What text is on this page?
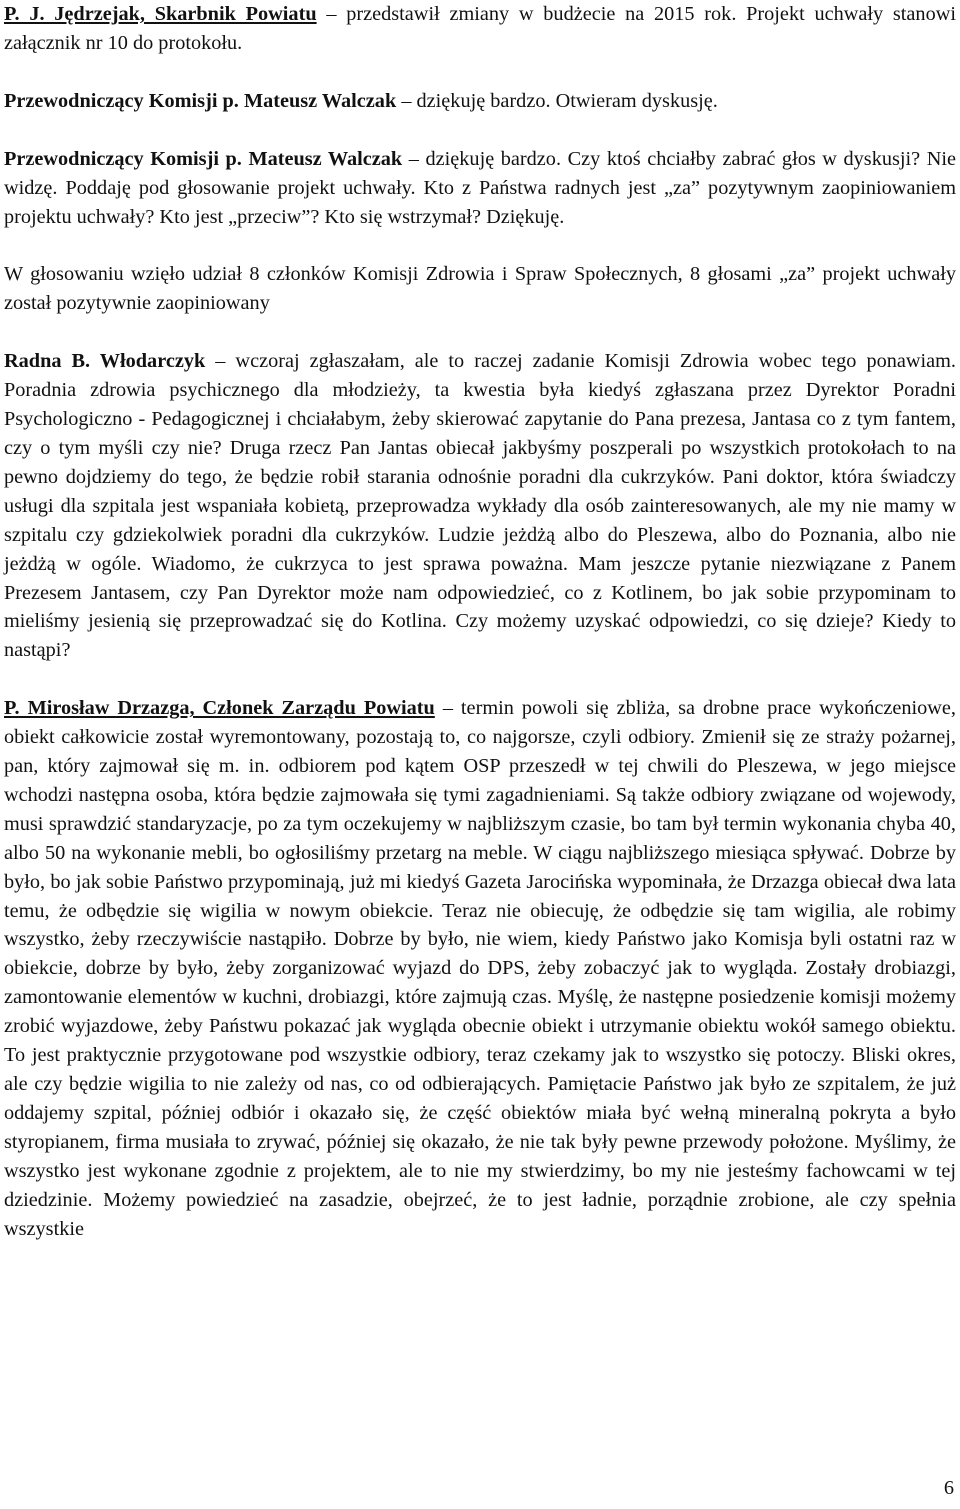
P. J. Jędrzejak, Skarbnik Powiatu – przedstawił zmiany w budżecie na 2015 rok. Projekt uchwały stanowi załącznik nr 10 do protokołu.

Przewodniczący Komisji p. Mateusz Walczak – dziękuję bardzo. Otwieram dyskusję.

Przewodniczący Komisji p. Mateusz Walczak – dziękuję bardzo. Czy ktoś chciałby zabrać głos w dyskusji? Nie widzę. Poddaję pod głosowanie projekt uchwały. Kto z Państwa radnych jest „za” pozytywnym zaopiniowaniem projektu uchwały? Kto jest „przeciw”? Kto się wstrzymał? Dziękuję.

W głosowaniu wzięło udział 8 członków Komisji Zdrowia i Spraw Społecznych, 8 głosami „za” projekt uchwały został pozytywnie zaopiniowany

Radna B. Włodarczyk – wczoraj zgłaszałam, ale to raczej zadanie Komisji Zdrowia wobec tego ponawiam. Poradnia zdrowia psychicznego dla młodzieży, ta kwestia była kiedyś zgłaszana przez Dyrektor Poradni Psychologiczno - Pedagogicznej i chciałabym, żeby skierować zapytanie do Pana prezesa, Jantasa co z tym fantem, czy o tym myśli czy nie? Druga rzecz Pan Jantas obiecał jakbyśmy poszperali po wszystkich protokołach to na pewno dojdziemy do tego, że będzie robił starania odnośnie poradni dla cukrzyków. Pani doktor, która świadczy usługi dla szpitala jest wspaniała kobietą, przeprowadza wykłady dla osób zainteresowanych, ale my nie mamy w szpitalu czy gdziekolwiek poradni dla cukrzyków. Ludzie jeżdżą albo do Pleszewa, albo do Poznania, albo nie jeżdżą w ogóle. Wiadomo, że cukrzyca to jest sprawa poważna. Mam jeszcze pytanie niezwiązane z Panem Prezesem Jantasem, czy Pan Dyrektor może nam odpowiedzieć, co z Kotlinem, bo jak sobie przypominam to mieliśmy jesienią się przeprowadzać się do Kotlina. Czy możemy uzyskać odpowiedzi, co się dzieje? Kiedy to nastąpi?

P. Mirosław Drzazga, Członek Zarządu Powiatu – termin powoli się zbliża, sa drobne prace wykończeniowe, obiekt całkowicie został wyremontowany, pozostają to, co najgorsze, czyli odbiory. Zmienił się ze straży pożarnej, pan, który zajmował się m. in. odbiorem pod kątem OSP przeszedł w tej chwili do Pleszewa, w jego miejsce wchodzi następna osoba, która będzie zajmowała się tymi zagadnieniami. Są także odbiory związane od wojewody, musi sprawdzić standaryzacje, po za tym oczekujemy w najbliższym czasie, bo tam był termin wykonania chyba 40, albo 50 na wykonanie mebli, bo ogłosiliśmy przetarg na meble. W ciągu najbliższego miesiąca spływać. Dobrze by było, bo jak sobie Państwo przypominają, już mi kiedyś Gazeta Jarocińska wypominała, że Drzazga obiecał dwa lata temu, że odbędzie się wigilia w nowym obiekcie. Teraz nie obiecuję, że odbędzie się tam wigilia, ale robimy wszystko, żeby rzeczywiście nastąpiło. Dobrze by było, nie wiem, kiedy Państwo jako Komisja byli ostatni raz w obiekcie, dobrze by było, żeby zorganizować wyjazd do DPS, żeby zobaczyć jak to wygląda. Zostały drobiazgi, zamontowanie elementów w kuchni, drobiazgi, które zajmują czas. Myślę, że następne posiedzenie komisji możemy zrobić wyjazdowe, żeby Państwu pokazać jak wygląda obecnie obiekt i utrzymanie obiektu wokół samego obiektu. To jest praktycznie przygotowane pod wszystkie odbiory, teraz czekamy jak to wszystko się potoczy. Bliski okres, ale czy będzie wigilia to nie zależy od nas, co od odbierających. Pamiętacie Państwo jak było ze szpitalem, że już oddajemy szpital, później odbiór i okazało się, że część obiektów miała być wełną mineralną pokryta a było styropianem, firma musiała to zrywać, później się okazało, że nie tak były pewne przewody położone. Myślimy, że wszystko jest wykonane zgodnie z projektem, ale to nie my stwierdzimy, bo my nie jesteśmy fachowcami w tej dziedzinie. Możemy powiedzieć na zasadzie, obejrzeć, że to jest ładnie, porządnie zrobione, ale czy spełnia wszystkie

6
